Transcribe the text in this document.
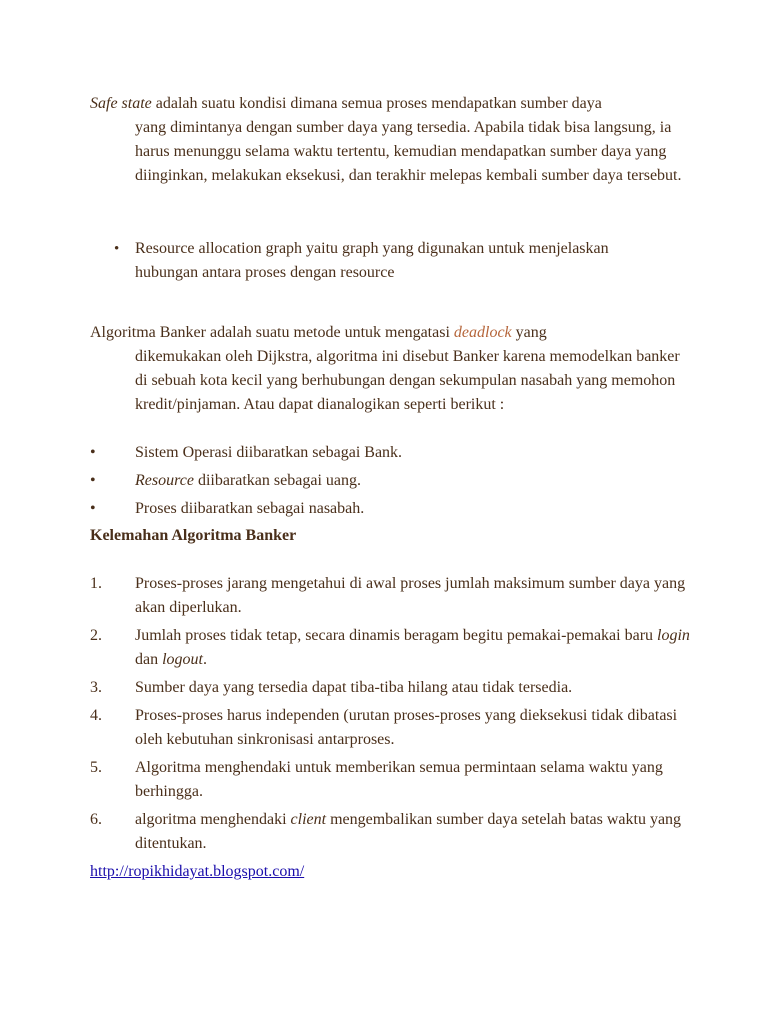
Safe state adalah suatu kondisi dimana semua proses mendapatkan sumber daya
yang dimintanya dengan sumber daya yang tersedia. Apabila tidak bisa langsung, ia harus menunggu selama waktu tertentu, kemudian mendapatkan sumber daya yang diinginkan, melakukan eksekusi, dan terakhir melepas kembali sumber daya tersebut.
• Resource allocation graph yaitu graph yang digunakan untuk menjelaskan hubungan antara proses dengan resource
Algoritma Banker adalah suatu metode untuk mengatasi deadlock yang
dikemukakan oleh Dijkstra, algoritma ini disebut Banker karena memodelkan banker di sebuah kota kecil yang berhubungan dengan sekumpulan nasabah yang memohon kredit/pinjaman. Atau dapat dianalogikan seperti berikut :
•	Sistem Operasi diibaratkan sebagai Bank.
•	Resource diibaratkan sebagai uang.
•	Proses diibaratkan sebagai nasabah.
Kelemahan Algoritma Banker
1.	Proses-proses jarang mengetahui di awal proses jumlah maksimum sumber daya yang akan diperlukan.
2.	Jumlah proses tidak tetap, secara dinamis beragam begitu pemakai-pemakai baru login dan logout.
3.	Sumber daya yang tersedia dapat tiba-tiba hilang atau tidak tersedia.
4.	Proses-proses harus independen (urutan proses-proses yang dieksekusi tidak dibatasi oleh kebutuhan sinkronisasi antarproses.
5.	Algoritma menghendaki untuk memberikan semua permintaan selama waktu yang berhingga.
6.	algoritma menghendaki client mengembalikan sumber daya setelah batas waktu yang ditentukan.
http://ropikhidayat.blogspot.com/
